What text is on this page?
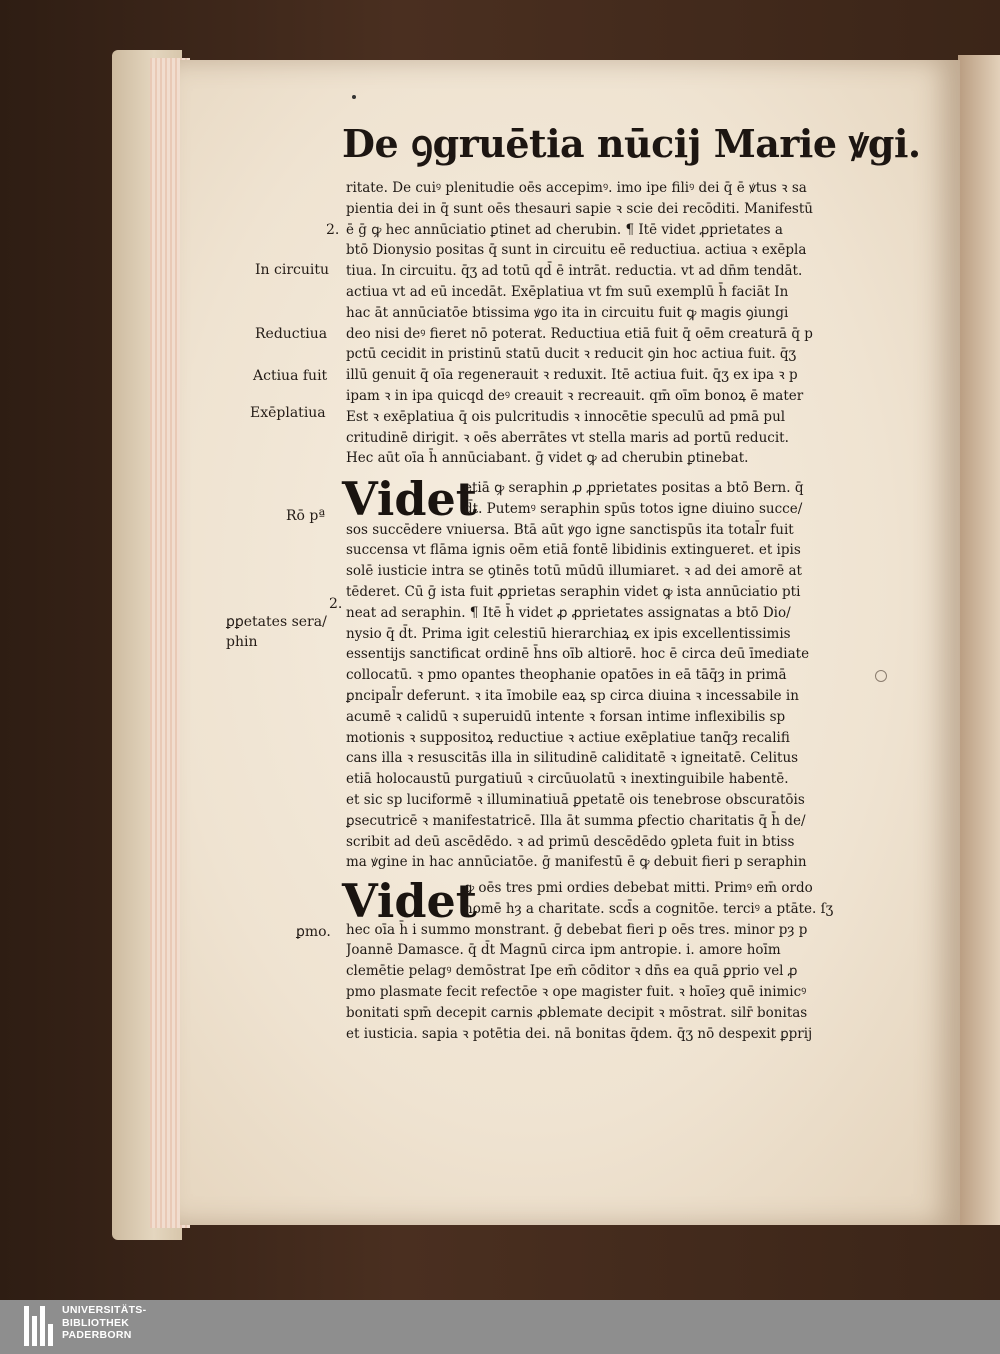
De ꝯgruētia nūcij Marie ꝟgi.
ritate. De cuiꝰ plenitudie oēs accepimꝰ. imo ipe filiꝰ dei q̄ ē ꝟtus ꝛ sa
pientia dei in q̄ sunt oēs thesauri sapie ꝛ scie dei recōditi. Manifestū
ē ḡ ꝙ hec annūciatio ꝑtinet ad cherubin. ¶ Itē videt ꝓprietates a
btō Dionysio positas q̄ sunt in circuitu eē reductiua. actiua ꝛ exēpla
tiua. In circuitu. q̄ʒ ad totū qd̄ ē intrāt. reductia. vt ad dn̄m tendāt.
actiua vt ad eū incedāt. Exēplatiua vt fm suū exemplū h̄ faciāt In
hac āt annūciatōe btissima ꝟgo ita in circuitu fuit ꝙ magis ꝯiungi
deo nisi deꝰ fieret nō poterat. Reductiua etiā fuit q̄ oēm creaturā q̄ p
pctū cecidit in pristinū statū ducit ꝛ reducit ꝯin hoc actiua fuit. q̄ʒ
illū genuit q̄ oīa regenerauit ꝛ reduxit. Itē actiua fuit. q̄ʒ ex ipa ꝛ p
ipam ꝛ in ipa quicqd deꝰ creauit ꝛ recreauit. qm̄ oīm bonoꝝ ē mater
Est ꝛ exēplatiua q̄ ois pulcritudis ꝛ innocētie speculū ad pmā pul
critudinē dirigit. ꝛ oēs aberrātes vt stella maris ad portū reducit.
Hec aūt oīa h̄ annūciabant. ḡ videt ꝙ ad cherubin ꝑtinebat.
Videt
etiā ꝙ seraphin ꝓ ꝓprietates positas a btō Bern. q̄
d̄t. Putemꝰ seraphin spūs totos igne diuino succe/
sos succēdere vniuersa. Btā aūt ꝟgo igne sanctispūs ita total̄r fuit
succensa vt flāma ignis oēm etiā fontē libidinis extingueret. et ipis
solē iusticie intra se ꝯtinēs totū mūdū illumiaret. ꝛ ad dei amorē at
tēderet. Cū ḡ ista fuit ꝓprietas seraphin videt ꝙ ista annūciatio pti
neat ad seraphin. ¶ Itē h̄ videt ꝓ ꝓprietates assignatas a btō Dio/
nysio q̄ d̄t. Prima igit celestiū hierarchiaꝝ ex ipis excellentissimis
essentijs sanctificat ordinē h̄ns oīb altiorē. hoc ē circa deū īmediate
collocatū. ꝛ pmo opantes theophanie opatōes in eā tāq̄ȝ in primā
ꝑncipal̄r deferunt. ꝛ ita īmobile eaꝝ sp circa diuina ꝛ incessabile in
acumē ꝛ calidū ꝛ superuidū intente ꝛ forsan intime inflexibilis sp
motionis ꝛ suppositoꝝ reductiue ꝛ actiue exēplatiue tanq̄ȝ recalifi
cans illa ꝛ resuscitās illa in silitudinē caliditatē ꝛ igneitatē. Celitus
etiā holocaustū purgatiuū ꝛ circūuolatū ꝛ inextinguibile habentē.
et sic sp luciformē ꝛ illuminatiuā ꝑpetatē ois tenebrose obscuratōis
ꝑsecutricē ꝛ manifestatricē. Illa āt summa ꝑfectio charitatis q̄ h̄ de/
scribit ad deū ascēdēdo. ꝛ ad primū descēdēdo ꝯpleta fuit in btiss
ma ꝟgine in hac annūciatōe. ḡ manifestū ē ꝙ debuit fieri p seraphin
Videt
ꝙ oēs tres pmi ordies debebat mitti. Primꝰ em̄ ordo
nomē hȝ a charitate. scd̄s a cognitōe. terciꝰ a ptāte. ſʒ
hec oīa h̄ i summo monstrant. ḡ debebat fieri p oēs tres. minor pȝ p
Joannē Damasce. q̄ d̄t Magnū circa ipm antropie. i. amore hoīm
clemētie pelagꝰ demōstrat Ipe em̄ cōditor ꝛ dn̄s ea quā ꝑprio vel ꝓ
pmo plasmate fecit refectōe ꝛ ope magister fuit. ꝛ hoīeȝ quē inimicꝰ
bonitati spm̄ decepit carnis ꝓblemate decipit ꝛ mōstrat. silr̄ bonitas
et iusticia. sapia ꝛ potētia dei. nā bonitas q̄dem. q̄ʒ nō despexit ꝑprij
2.
In circuitu
Reductiua
Actiua fuit
Exēplatiua
Rō pª
2.
ꝑꝑetates sera/
phin
ꝑmo.
UNIVERSITÄTS-
BIBLIOTHEK
PADERBORN
